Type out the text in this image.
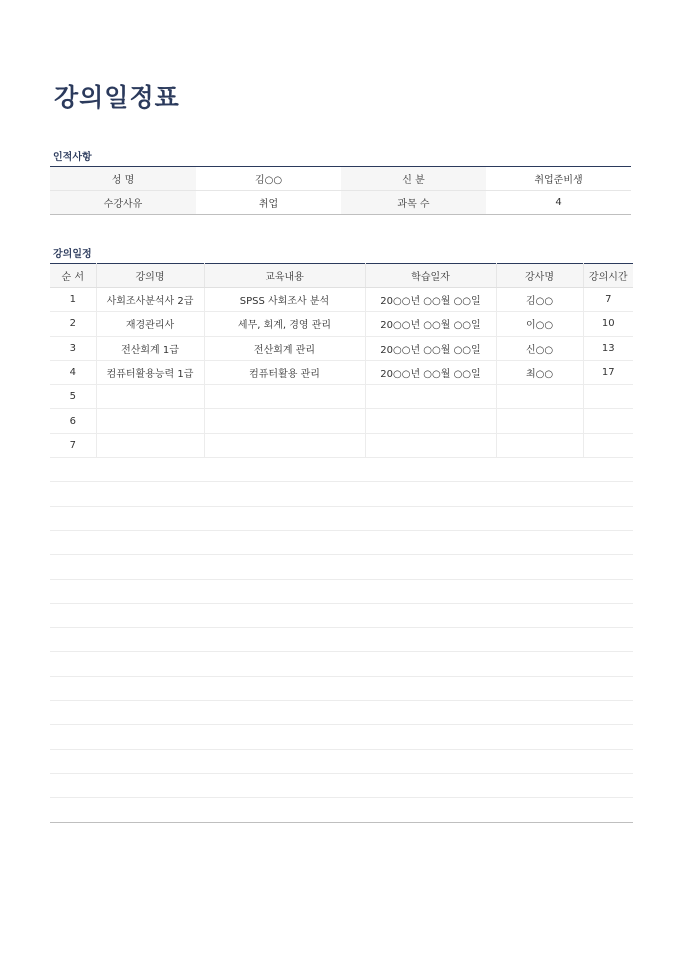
강의일정표
인적사항
성 명	김○○	신 분	취업준비생
수강사유	취업	과목 수	4
강의일정
순 서	강의명	교육내용	학습일자	강사명	강의시간
1	사회조사분석사 2급	SPSS 사회조사 분석	20○○년 ○○월 ○○일	김○○	7
2	재경관리사	세무, 회계, 경영 관리	20○○년 ○○월 ○○일	이○○	10
3	전산회계 1급	전산회계 관리	20○○년 ○○월 ○○일	신○○	13
4	컴퓨터활용능력 1급	컴퓨터활용 관리	20○○년 ○○월 ○○일	최○○	17
5					
6					
7					
